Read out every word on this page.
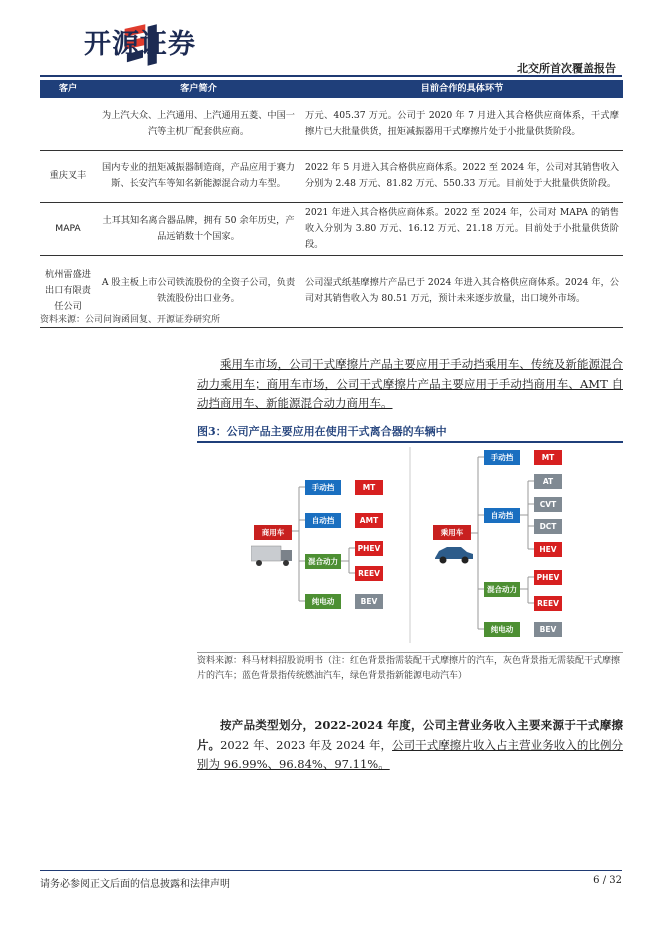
开源证券
北交所首次覆盖报告
客户	客户简介	目前合作的具体环节
	为上汽大众、上汽通用、上汽通用五菱、中国一汽等主机厂配套供应商。	万元、405.37 万元。公司于 2020 年 7 月进入其合格供应商体系，干式摩擦片已大批量供货，扭矩减振器用干式摩擦片处于小批量供货阶段。
重庆叉丰	国内专业的扭矩减振器制造商，产品应用于赛力斯、长安汽车等知名新能源混合动力车型。	2022 年 5 月进入其合格供应商体系。2022 至 2024 年，公司对其销售收入分别为 2.48 万元、81.82 万元、550.33 万元。目前处于大批量供货阶段。
MAPA	土耳其知名离合器品牌，拥有 50 余年历史，产品远销数十个国家。	2021 年进入其合格供应商体系。2022 至 2024 年，公司对 MAPA 的销售收入分别为 3.80 万元、16.12 万元、21.18 万元。目前处于小批量供货阶段。
杭州雷盛进出口有限责任公司	A 股主板上市公司铁流股份的全资子公司，负责铁流股份出口业务。	公司湿式纸基摩擦片产品已于 2024 年进入其合格供应商体系。2024 年，公司对其销售收入为 80.51 万元，预计未来逐步放量，出口境外市场。
资料来源：公司问询函回复、开源证券研究所
乘用车市场，公司干式摩擦片产品主要应用于手动挡乘用车、传统及新能源混合动力乘用车；商用车市场，公司干式摩擦片产品主要应用于手动挡商用车、AMT 自动挡商用车、新能源混合动力商用车。
图3：公司产品主要应用在使用干式离合器的车辆中
商用车
手动挡
自动挡
混合动力
纯电动
MT
AMT
PHEV
REEV
BEV
乘用车
手动挡
自动挡
混合动力
纯电动
MT
AT
CVT
DCT
HEV
PHEV
REEV
BEV
资料来源：科马材料招股说明书（注：红色背景指需装配干式摩擦片的汽车，灰色背景指无需装配干式摩擦片的汽车；蓝色背景指传统燃油汽车，绿色背景指新能源电动汽车）
按产品类型划分，2022-2024 年度，公司主营业务收入主要来源于干式摩擦片。2022 年、2023 年及 2024 年，公司干式摩擦片收入占主营业务收入的比例分别为 96.99%、96.84%、97.11%。
请务必参阅正文后面的信息披露和法律声明	6 / 32
